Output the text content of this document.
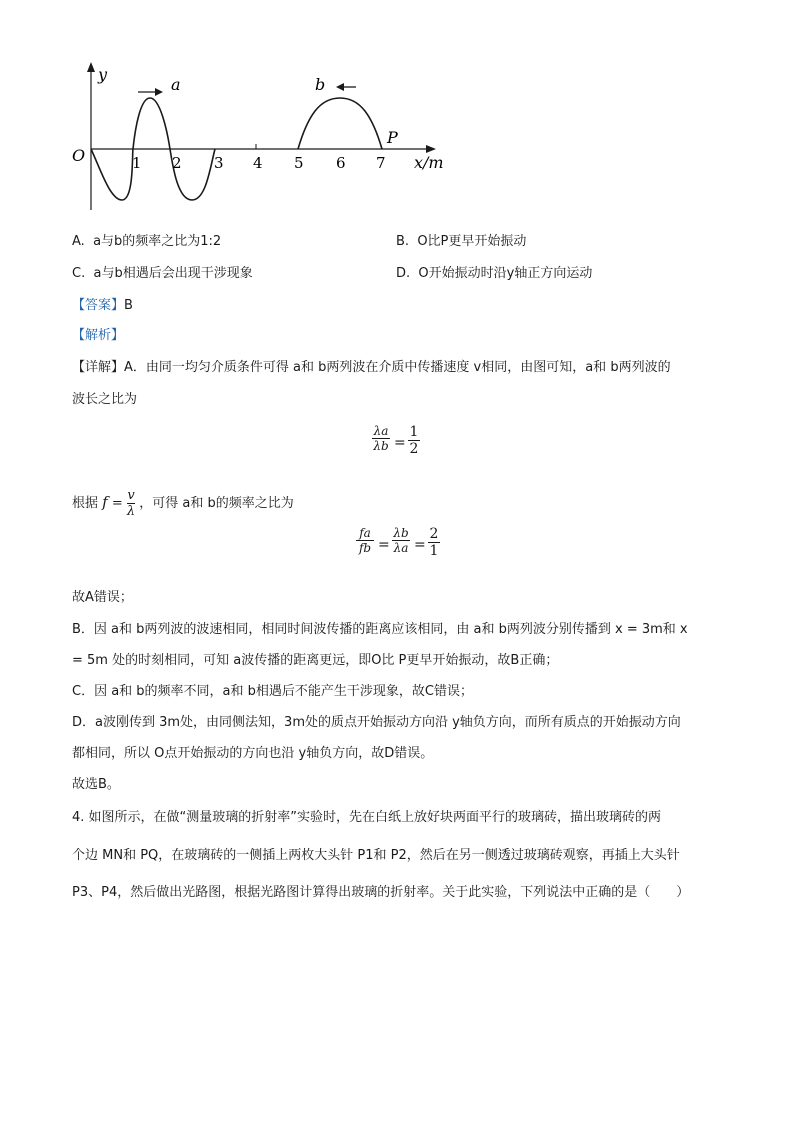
y
O	x/m
a	b
P
1 2 3 4 5 6 7
A. a与b的频率之比为1:2	B. O比P更早开始振动
C. a与b相遇后会出现干涉现象	D. O开始振动时沿y轴正方向运动
【答案】B
【解析】
【详解】A．由同一均匀介质条件可得 a和 b两列波在介质中传播速度 v相同，由图可知，a和 b两列波的
波长之比为
$\frac{\lambda a}{\lambda b} = \frac{1}{2}$
根据 $f = \frac{v}{\lambda}$ ，可得 a和 b的频率之比为
$\frac{fa}{fb} = \frac{\lambda b}{\lambda a} = \frac{2}{1}$
故A错误；
B．因 a和 b两列波的波速相同，相同时间波传播的距离应该相同，由 a和 b两列波分别传播到 x = 3m和 x
= 5m 处的时刻相同，可知 a波传播的距离更远，即O比 P更早开始振动，故B正确；
C．因 a和 b的频率不同，a和 b相遇后不能产生干涉现象，故C错误；
D．a波刚传到 3m处，由同侧法知，3m处的质点开始振动方向沿 y轴负方向，而所有质点的开始振动方向
都相同，所以 O点开始振动的方向也沿 y轴负方向，故D错误。
故选B。
4. 如图所示，在做“测量玻璃的折射率”实验时，先在白纸上放好块两面平行的玻璃砖，描出玻璃砖的两
个边 MN和 PQ，在玻璃砖的一侧插上两枚大头针 P1和 P2，然后在另一侧透过玻璃砖观察，再插上大头针
P3、P4，然后做出光路图，根据光路图计算得出玻璃的折射率。关于此实验，下列说法中正确的是（　　）
